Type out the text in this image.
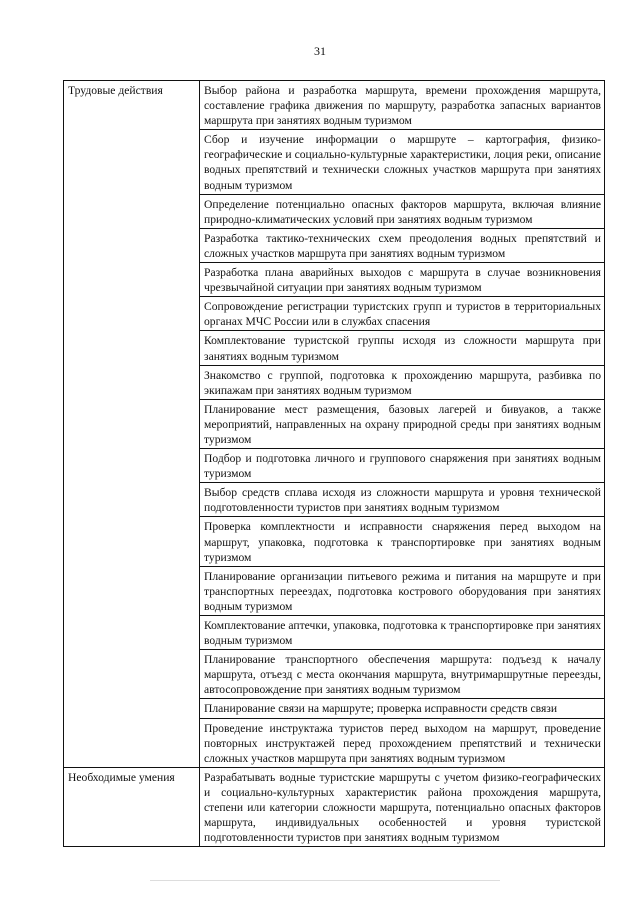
31
Трудовые действия	Выбор района и разработка маршрута, времени прохождения маршрута, составление графика движения по маршруту, разработка запасных вариантов маршрута при занятиях водным туризмом
	Сбор и изучение информации о маршруте – картография, физико-географические и социально-культурные характеристики, лоция реки, описание водных препятствий и технически сложных участков маршрута при занятиях водным туризмом
	Определение потенциально опасных факторов маршрута, включая влияние природно-климатических условий при занятиях водным туризмом
	Разработка тактико-технических схем преодоления водных препятствий и сложных участков маршрута при занятиях водным туризмом
	Разработка плана аварийных выходов с маршрута в случае возникновения чрезвычайной ситуации при занятиях водным туризмом
	Сопровождение регистрации туристских групп и туристов в территориальных органах МЧС России или в службах спасения
	Комплектование туристской группы исходя из сложности маршрута при занятиях водным туризмом
	Знакомство с группой, подготовка к прохождению маршрута, разбивка по экипажам при занятиях водным туризмом
	Планирование мест размещения, базовых лагерей и бивуаков, а также мероприятий, направленных на охрану природной среды при занятиях водным туризмом
	Подбор и подготовка личного и группового снаряжения при занятиях водным туризмом
	Выбор средств сплава исходя из сложности маршрута и уровня технической подготовленности туристов при занятиях водным туризмом
	Проверка комплектности и исправности снаряжения перед выходом на маршрут, упаковка, подготовка к транспортировке при занятиях водным туризмом
	Планирование организации питьевого режима и питания на маршруте и при транспортных переездах, подготовка кострового оборудования при занятиях водным туризмом
	Комплектование аптечки, упаковка, подготовка к транспортировке при занятиях водным туризмом
	Планирование транспортного обеспечения маршрута: подъезд к началу маршрута, отъезд с места окончания маршрута, внутримаршрутные переезды, автосопровождение при занятиях водным туризмом
	Планирование связи на маршруте; проверка исправности средств связи
	Проведение инструктажа туристов перед выходом на маршрут, проведение повторных инструктажей перед прохождением препятствий и технически сложных участков маршрута при занятиях водным туризмом
Необходимые умения	Разрабатывать водные туристские маршруты с учетом физико-географических и социально-культурных характеристик района прохождения маршрута, степени или категории сложности маршрута, потенциально опасных факторов маршрута, индивидуальных особенностей и уровня туристской подготовленности туристов при занятиях водным туризмом
